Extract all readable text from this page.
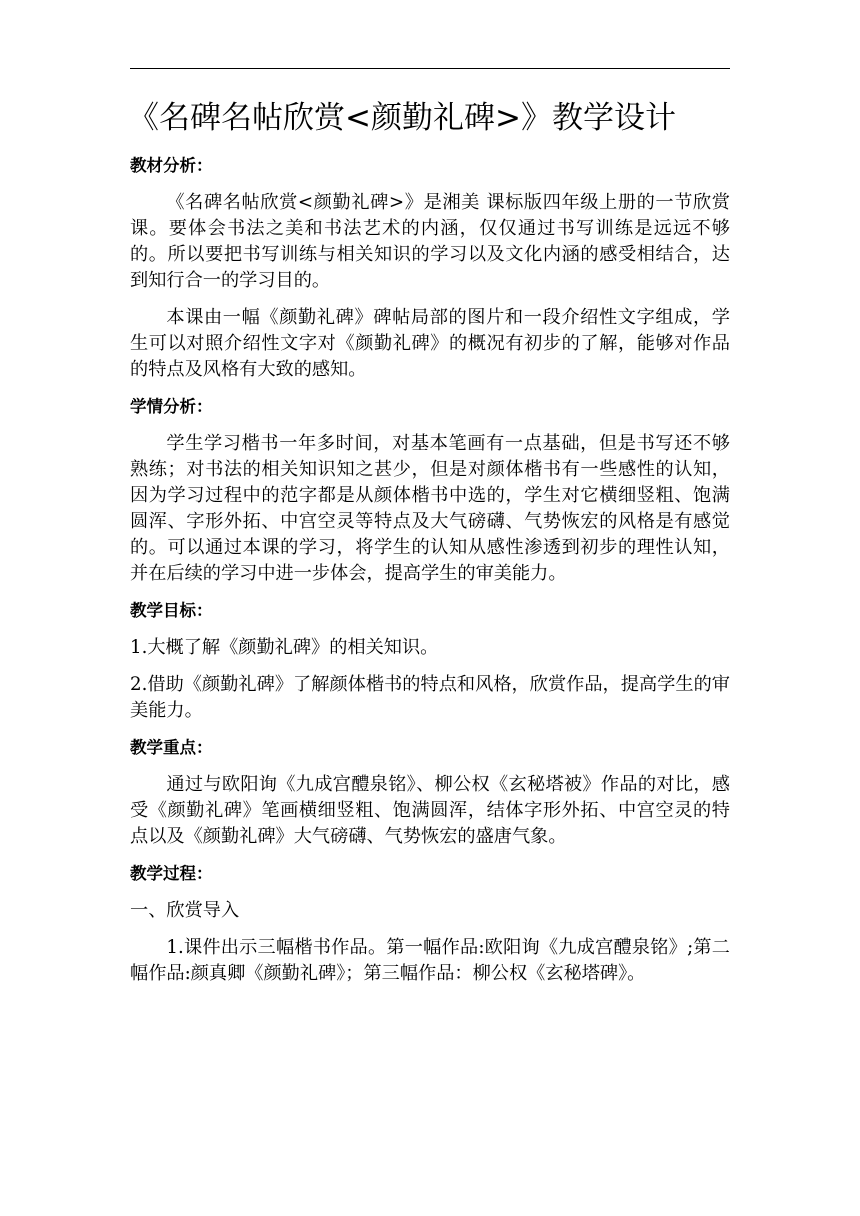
《名碑名帖欣赏<颜勤礼碑>》教学设计
教材分析：

《名碑名帖欣赏<颜勤礼碑>》是湘美 课标版四年级上册的一节欣赏课。要体会书法之美和书法艺术的内涵，仅仅通过书写训练是远远不够的。所以要把书写训练与相关知识的学习以及文化内涵的感受相结合，达到知行合一的学习目的。

本课由一幅《颜勤礼碑》碑帖局部的图片和一段介绍性文字组成，学生可以对照介绍性文字对《颜勤礼碑》的概况有初步的了解，能够对作品的特点及风格有大致的感知。

学情分析：

学生学习楷书一年多时间，对基本笔画有一点基础，但是书写还不够熟练；对书法的相关知识知之甚少，但是对颜体楷书有一些感性的认知，因为学习过程中的范字都是从颜体楷书中选的，学生对它横细竖粗、饱满圆浑、字形外拓、中宫空灵等特点及大气磅礴、气势恢宏的风格是有感觉的。可以通过本课的学习，将学生的认知从感性渗透到初步的理性认知，并在后续的学习中进一步体会，提高学生的审美能力。

教学目标：

1.大概了解《颜勤礼碑》的相关知识。

2.借助《颜勤礼碑》了解颜体楷书的特点和风格，欣赏作品，提高学生的审美能力。

教学重点：

通过与欧阳询《九成宫醴泉铭》、柳公权《玄秘塔被》作品的对比，感受《颜勤礼碑》笔画横细竖粗、饱满圆浑，结体字形外拓、中宫空灵的特点以及《颜勤礼碑》大气磅礴、气势恢宏的盛唐气象。

教学过程：

一、欣赏导入

1.课件出示三幅楷书作品。第一幅作品:欧阳询《九成宫醴泉铭》;第二幅作品:颜真卿《颜勤礼碑》；第三幅作品：柳公权《玄秘塔碑》。
